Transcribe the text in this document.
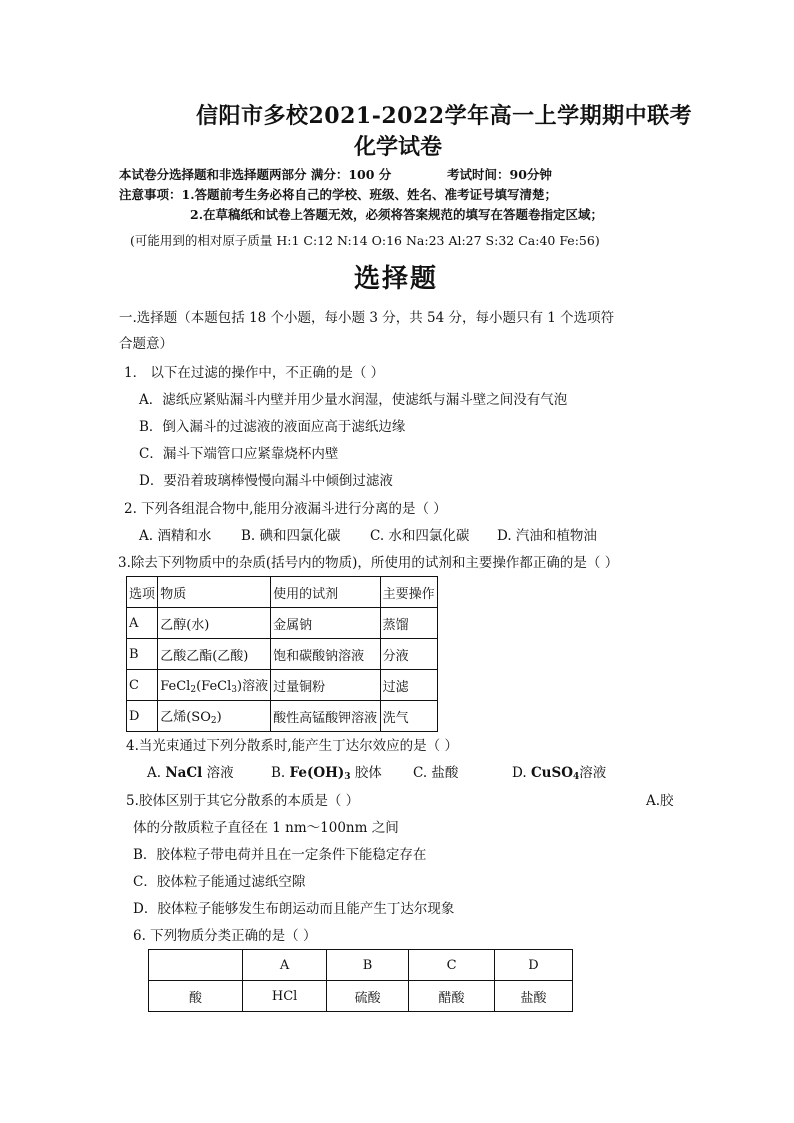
信阳市多校2021-2022学年高一上学期期中联考
化学试卷
本试卷分选择题和非选择题两部分 满分：100 分	考试时间：90分钟
注意事项：1.答题前考生务必将自己的学校、班级、姓名、准考证号填写清楚；
2.在草稿纸和试卷上答题无效，必须将答案规范的填写在答题卷指定区域；
(可能用到的相对原子质量 H:1 C:12 N:14 O:16 Na:23 Al:27 S:32 Ca:40 Fe:56)
选择题
一.选择题（本题包括 18 个小题，每小题 3 分，共 54 分，每小题只有 1 个选项符
合题意）
1． 以下在过滤的操作中，不正确的是（ ）
A．滤纸应紧贴漏斗内壁并用少量水润湿，使滤纸与漏斗壁之间没有气泡
B．倒入漏斗的过滤液的液面应高于滤纸边缘
C．漏斗下端管口应紧靠烧杯内壁
D．要沿着玻璃棒慢慢向漏斗中倾倒过滤液
2. 下列各组混合物中,能用分液漏斗进行分离的是（ ）
A. 酒精和水 B. 碘和四氯化碳 C. 水和四氯化碳 D. 汽油和植物油
3.除去下列物质中的杂质(括号内的物质)，所使用的试剂和主要操作都正确的是（ ）
选项	物质	使用的试剂	主要操作
A	乙醇(水)	金属钠	蒸馏
B	乙酸乙酯(乙酸)	饱和碳酸钠溶液	分液
C	FeCl$_2$(FeCl$_3$)溶液	过量铜粉	过滤
D	乙烯$(SO_2)$	酸性高锰酸钾溶液	洗气
4.当光束通过下列分散系时,能产生丁达尔效应的是（ ）
A. NaCl 溶液	B. $Fe(OH)_3$ 胶体 C. 盐酸	D. CuSO$_4$溶液
5.胶体区别于其它分散系的本质是（ ）	A.胶
体的分散质粒子直径在 1 nm～100nm 之间
B．胶体粒子带电荷并且在一定条件下能稳定存在
C．胶体粒子能通过滤纸空隙
D．胶体粒子能够发生布朗运动而且能产生丁达尔现象
6. 下列物质分类正确的是（ ）
	A	B	C	D
酸	HCl	硫酸	醋酸	盐酸
